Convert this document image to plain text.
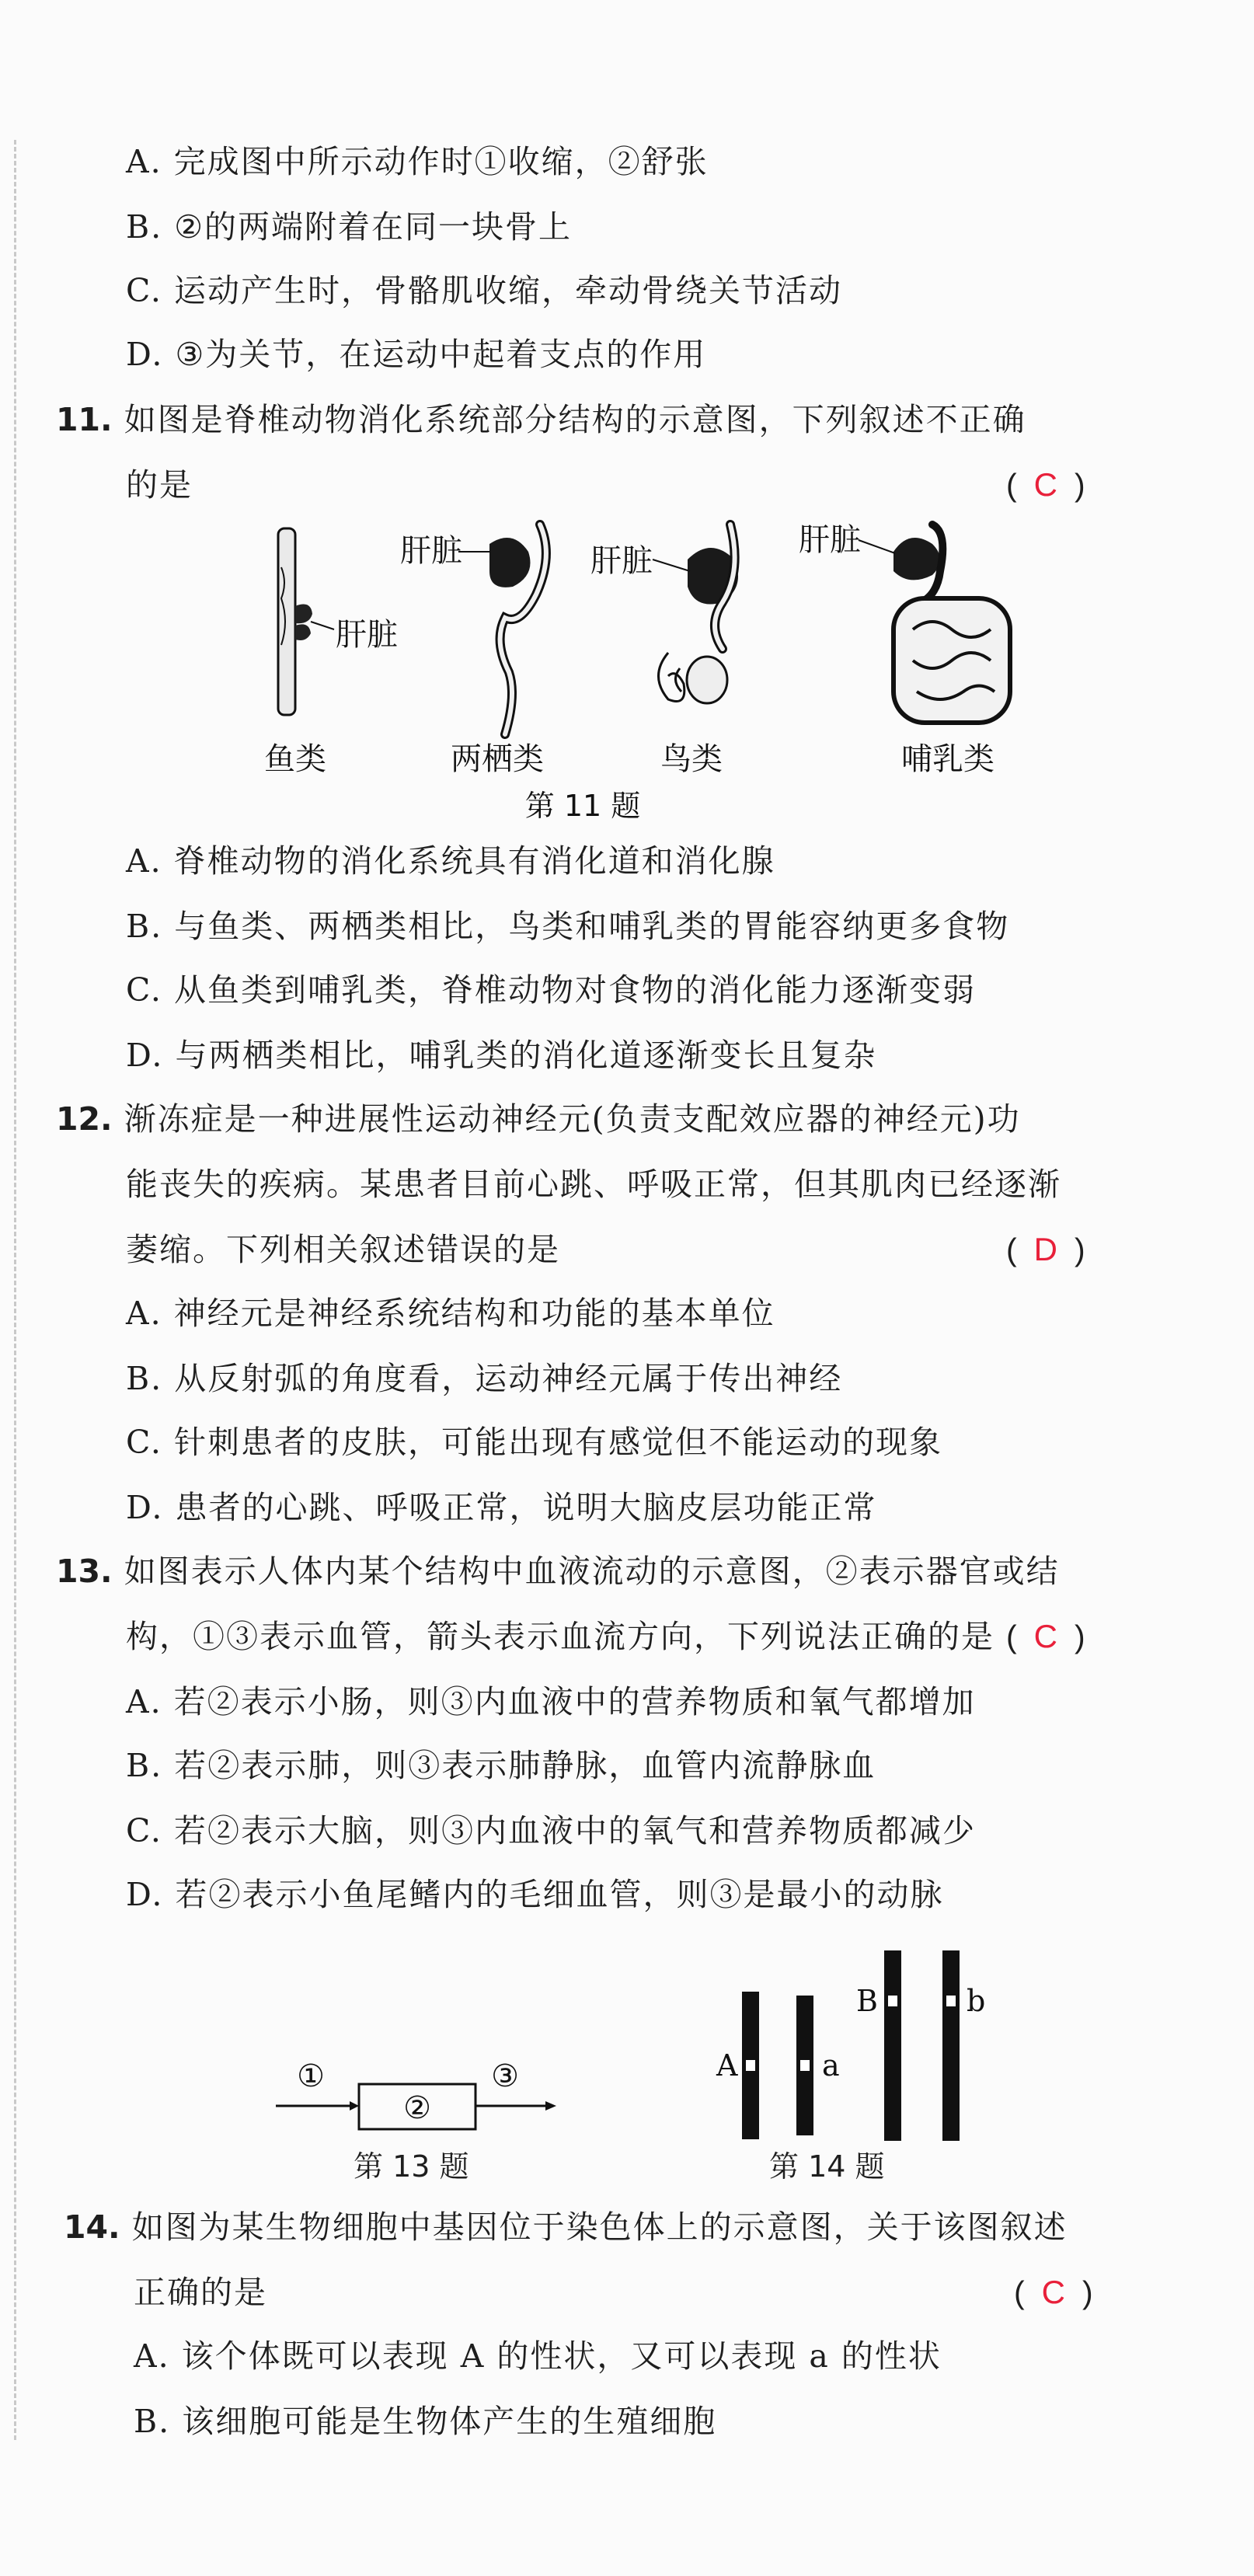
A. 完成图中所示动作时①收缩，②舒张
B. ②的两端附着在同一块骨上
C. 运动产生时，骨骼肌收缩，牵动骨绕关节活动
D. ③为关节，在运动中起着支点的作用
11. 如图是脊椎动物消化系统部分结构的示意图，下列叙述不正确
的是	( C )
肝脏
肝脏	肝脏
肝脏
鱼类	两栖类	鸟类	哺乳类
第 11 题
A. 脊椎动物的消化系统具有消化道和消化腺
B. 与鱼类、两栖类相比，鸟类和哺乳类的胃能容纳更多食物
C. 从鱼类到哺乳类，脊椎动物对食物的消化能力逐渐变弱
D. 与两栖类相比，哺乳类的消化道逐渐变长且复杂
12. 渐冻症是一种进展性运动神经元(负责支配效应器的神经元)功
能丧失的疾病。某患者目前心跳、呼吸正常，但其肌肉已经逐渐
萎缩。下列相关叙述错误的是	( D )
A. 神经元是神经系统结构和功能的基本单位
B. 从反射弧的角度看，运动神经元属于传出神经
C. 针刺患者的皮肤，可能出现有感觉但不能运动的现象
D. 患者的心跳、呼吸正常，说明大脑皮层功能正常
13. 如图表示人体内某个结构中血液流动的示意图，②表示器官或结
构，①③表示血管，箭头表示血流方向，下列说法正确的是 ( C )
A. 若②表示小肠，则③内血液中的营养物质和氧气都增加
B. 若②表示肺，则③表示肺静脉，血管内流静脉血
C. 若②表示大脑，则③内血液中的氧气和营养物质都减少
D. 若②表示小鱼尾鳍内的毛细血管，则③是最小的动脉
①
②
③
第 13 题
A	a
B	b
第 14 题
14. 如图为某生物细胞中基因位于染色体上的示意图，关于该图叙述
正确的是	( C )
A. 该个体既可以表现 A 的性状，又可以表现 a 的性状
B. 该细胞可能是生物体产生的生殖细胞
